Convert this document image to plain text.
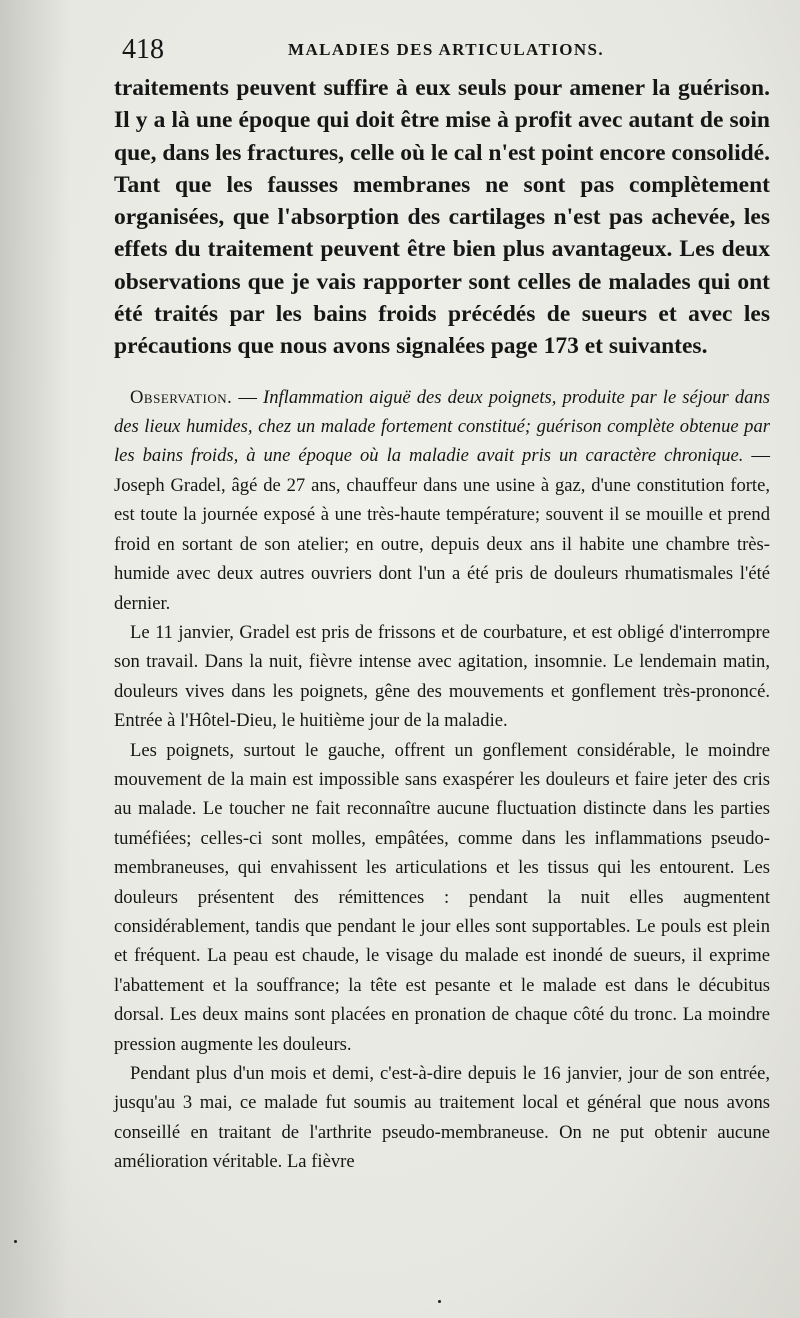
418	MALADIES DES ARTICULATIONS.

traitements peuvent suffire à eux seuls pour amener la guérison. Il y a là une époque qui doit être mise à profit avec autant de soin que, dans les fractures, celle où le cal n'est point encore consolidé. Tant que les fausses membranes ne sont pas complètement organisées, que l'absorption des cartilages n'est pas achevée, les effets du traitement peuvent être bien plus avantageux. Les deux observations que je vais rapporter sont celles de malades qui ont été traités par les bains froids précédés de sueurs et avec les précautions que nous avons signalées page 173 et suivantes.

Observation. — Inflammation aiguë des deux poignets, produite par le séjour dans des lieux humides, chez un malade fortement constitué; guérison complète obtenue par les bains froids, à une époque où la maladie avait pris un caractère chronique. — Joseph Gradel, âgé de 27 ans, chauffeur dans une usine à gaz, d'une constitution forte, est toute la journée exposé à une très-haute température; souvent il se mouille et prend froid en sortant de son atelier; en outre, depuis deux ans il habite une chambre très-humide avec deux autres ouvriers dont l'un a été pris de douleurs rhumatismales l'été dernier.

Le 11 janvier, Gradel est pris de frissons et de courbature, et est obligé d'interrompre son travail. Dans la nuit, fièvre intense avec agitation, insomnie. Le lendemain matin, douleurs vives dans les poignets, gêne des mouvements et gonflement très-prononcé. Entrée à l'Hôtel-Dieu, le huitième jour de la maladie.

Les poignets, surtout le gauche, offrent un gonflement considérable, le moindre mouvement de la main est impossible sans exaspérer les douleurs et faire jeter des cris au malade. Le toucher ne fait reconnaître aucune fluctuation distincte dans les parties tuméfiées; celles-ci sont molles, empâtées, comme dans les inflammations pseudo-membraneuses, qui envahissent les articulations et les tissus qui les entourent. Les douleurs présentent des rémittences : pendant la nuit elles augmentent considérablement, tandis que pendant le jour elles sont supportables. Le pouls est plein et fréquent. La peau est chaude, le visage du malade est inondé de sueurs, il exprime l'abattement et la souffrance; la tête est pesante et le malade est dans le décubitus dorsal. Les deux mains sont placées en pronation de chaque côté du tronc. La moindre pression augmente les douleurs.

Pendant plus d'un mois et demi, c'est-à-dire depuis le 16 janvier, jour de son entrée, jusqu'au 3 mai, ce malade fut soumis au traitement local et général que nous avons conseillé en traitant de l'arthrite pseudo-membraneuse. On ne put obtenir aucune amélioration véritable. La fièvre
